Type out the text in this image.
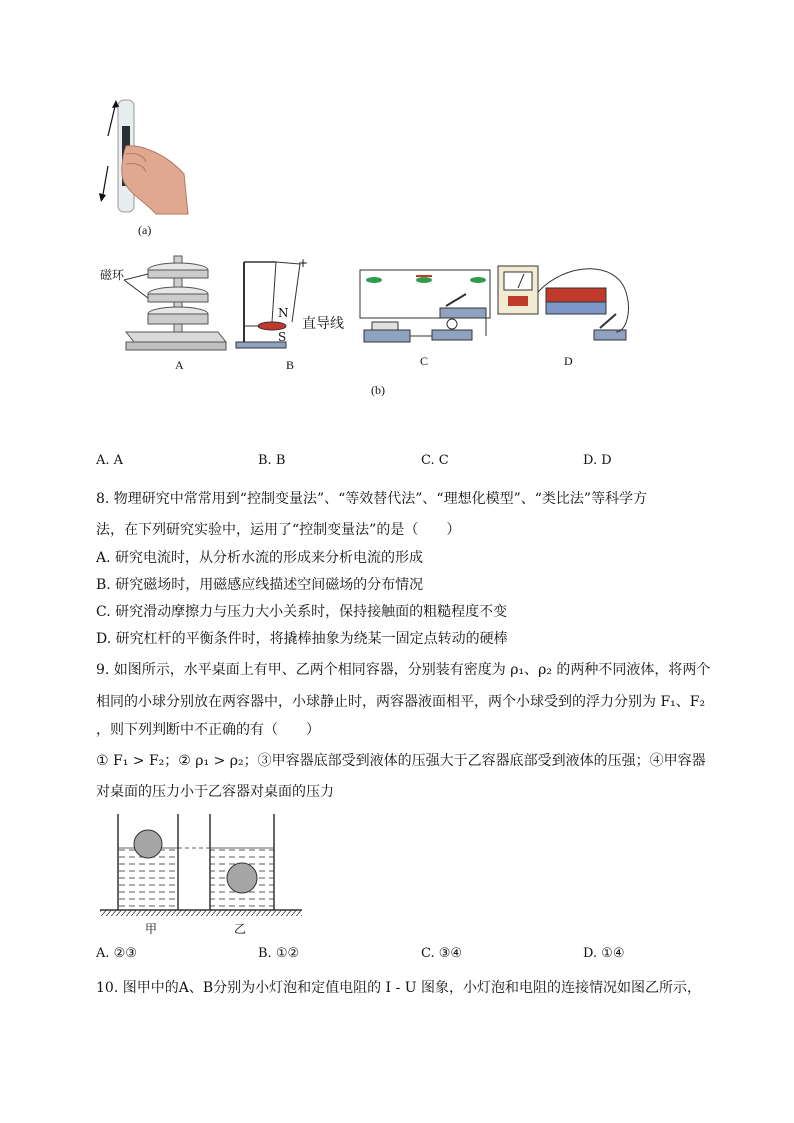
(a)
磁环
+
N
S
直导线
A	B	C	D
(b)
A. A	B. B	C. C	D. D
8. 物理研究中常常用到“控制变量法”、“等效替代法”、“理想化模型”、“类比法”等科学方
法，在下列研究实验中，运用了“控制变量法”的是（　　）
A. 研究电流时，从分析水流的形成来分析电流的形成
B. 研究磁场时，用磁感应线描述空间磁场的分布情况
C. 研究滑动摩擦力与压力大小关系时，保持接触面的粗糙程度不变
D. 研究杠杆的平衡条件时，将撬棒抽象为绕某一固定点转动的硬棒
9. 如图所示，水平桌面上有甲、乙两个相同容器，分别装有密度为 ρ₁、ρ₂ 的两种不同液体，将两个
相同的小球分别放在两容器中，小球静止时，两容器液面相平，两个小球受到的浮力分别为 F₁、F₂
，则下列判断中不正确的有（　　）
① F₁ > F₂；② ρ₁ > ρ₂；③甲容器底部受到液体的压强大于乙容器底部受到液体的压强；④甲容器
对桌面的压力小于乙容器对桌面的压力
甲	乙
A. ②③	B. ①②	C. ③④	D. ①④
10. 图甲中的A、B分别为小灯泡和定值电阻的 I - U 图象，小灯泡和电阻的连接情况如图乙所示，
